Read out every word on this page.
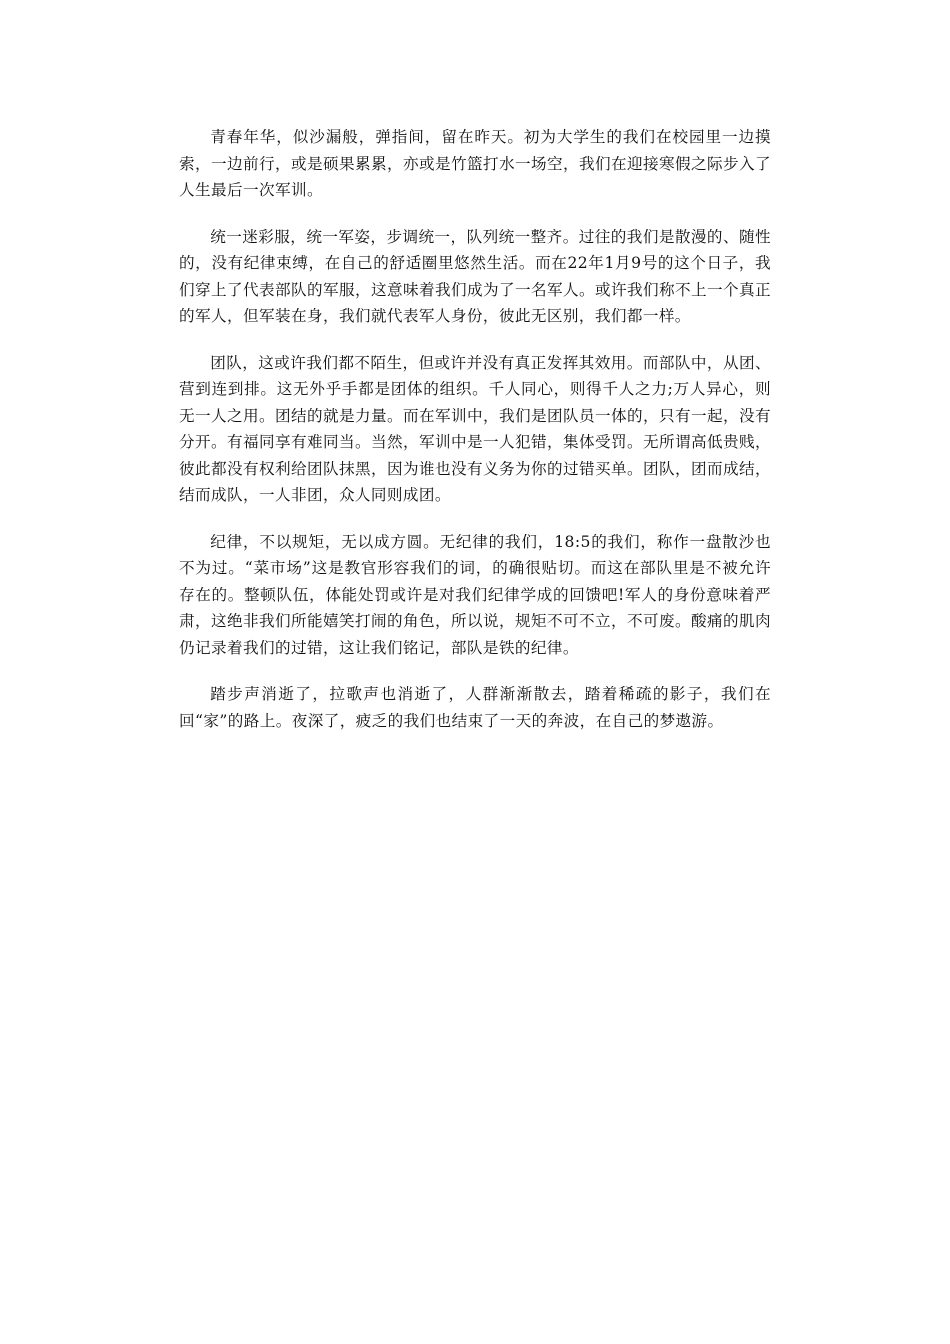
青春年华，似沙漏般，弹指间，留在昨天。初为大学生的我们在校园里一边摸索，一边前行，或是硕果累累，亦或是竹篮打水一场空，我们在迎接寒假之际步入了人生最后一次军训。

统一迷彩服，统一军姿，步调统一，队列统一整齐。过往的我们是散漫的、随性的，没有纪律束缚，在自己的舒适圈里悠然生活。而在22年1月9号的这个日子，我们穿上了代表部队的军服，这意味着我们成为了一名军人。或许我们称不上一个真正的军人，但军装在身，我们就代表军人身份，彼此无区别，我们都一样。

团队，这或许我们都不陌生，但或许并没有真正发挥其效用。而部队中，从团、营到连到排。这无外乎手都是团体的组织。千人同心，则得千人之力;万人异心，则无一人之用。团结的就是力量。而在军训中，我们是团队员一体的，只有一起，没有分开。有福同享有难同当。当然，军训中是一人犯错，集体受罚。无所谓高低贵贱，彼此都没有权利给团队抹黑，因为谁也没有义务为你的过错买单。团队，团而成结，结而成队，一人非团，众人同则成团。

纪律，不以规矩，无以成方圆。无纪律的我们，18:5的我们，称作一盘散沙也不为过。“菜市场”这是教官形容我们的词，的确很贴切。而这在部队里是不被允许存在的。整顿队伍，体能处罚或许是对我们纪律学成的回馈吧!军人的身份意味着严肃，这绝非我们所能嬉笑打闹的角色，所以说，规矩不可不立，不可废。酸痛的肌肉仍记录着我们的过错，这让我们铭记，部队是铁的纪律。

踏步声消逝了，拉歌声也消逝了，人群渐渐散去，踏着稀疏的影子，我们在回“家”的路上。夜深了，疲乏的我们也结束了一天的奔波，在自己的梦遨游。
